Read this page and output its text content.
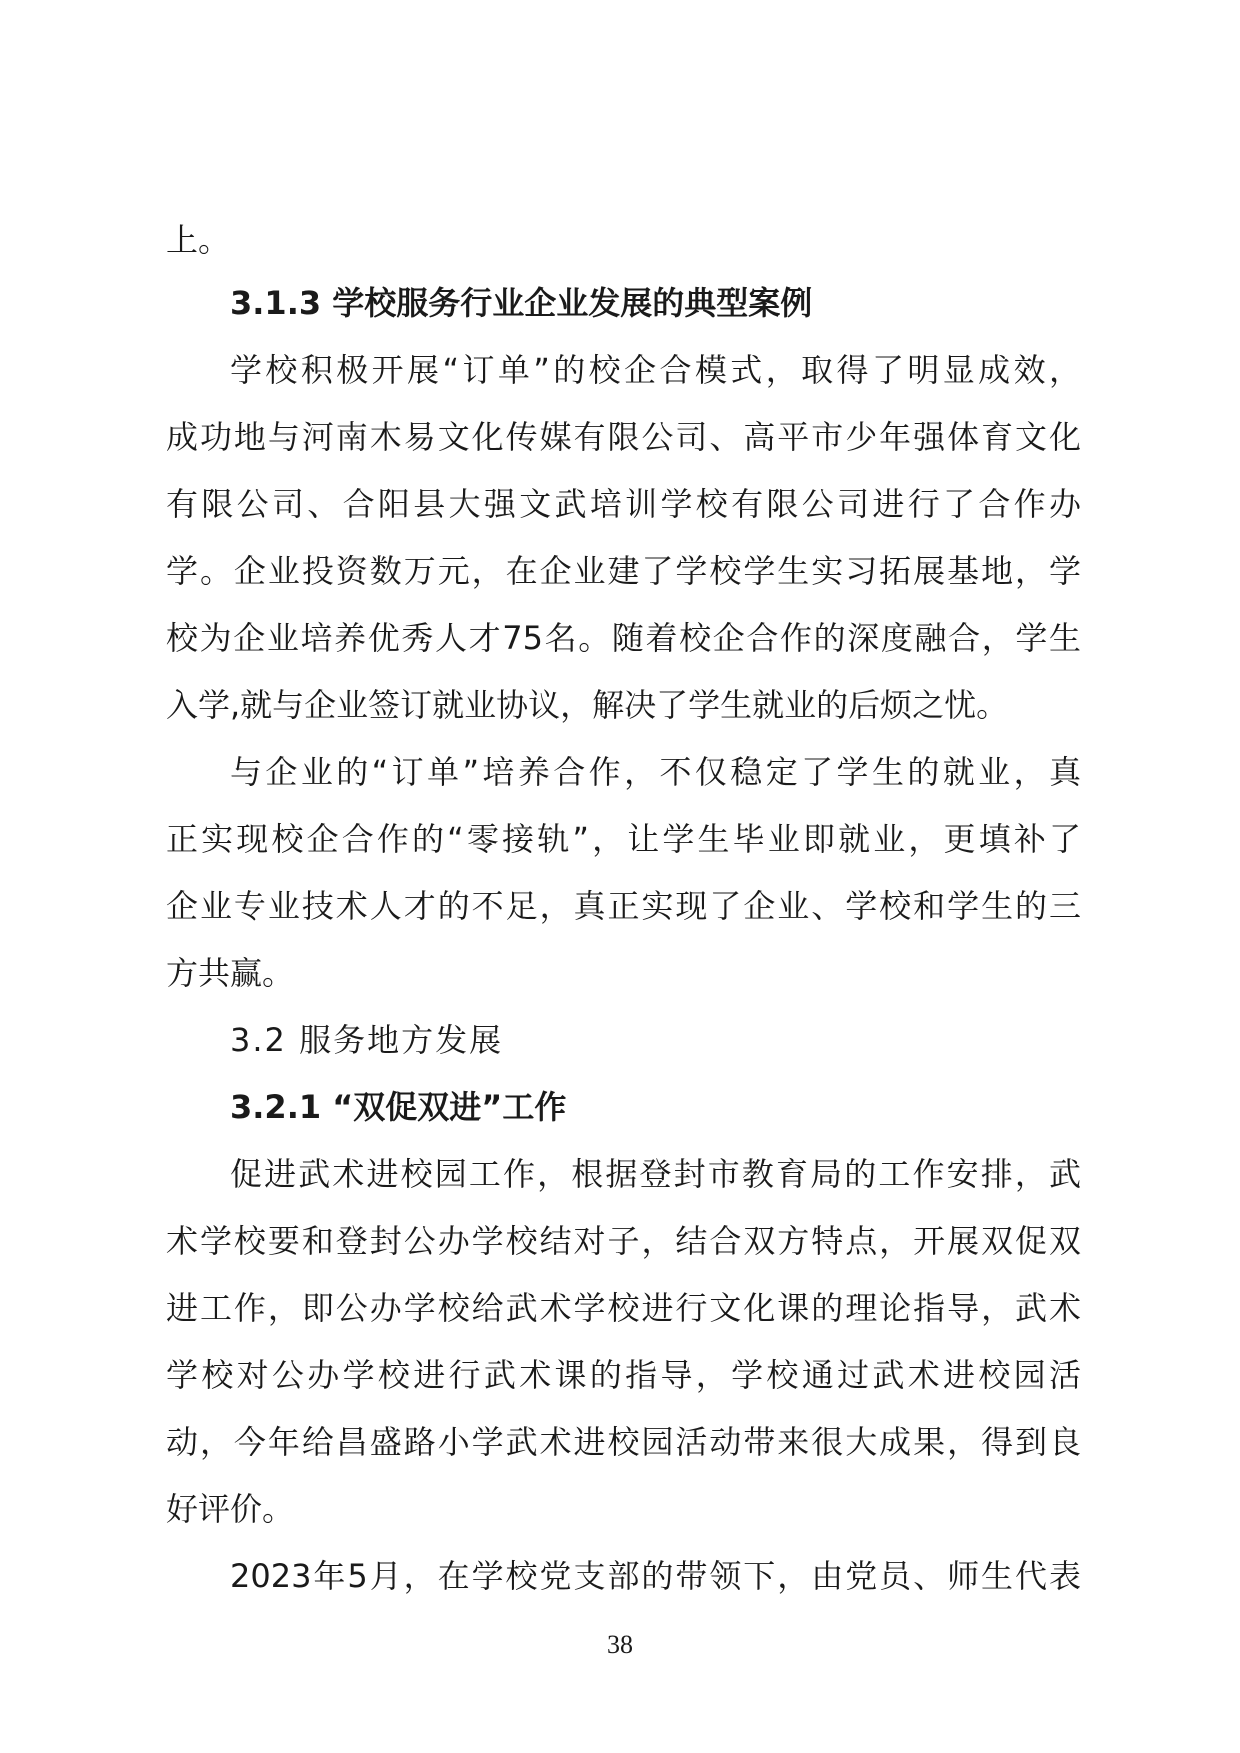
上。
3.1.3 学校服务行业企业发展的典型案例
学校积极开展“订单”的校企合模式，取得了明显成效，
成功地与河南木易文化传媒有限公司、高平市少年强体育文化
有限公司、合阳县大强文武培训学校有限公司进行了合作办
学。企业投资数万元，在企业建了学校学生实习拓展基地，学
校为企业培养优秀人才75名。随着校企合作的深度融合，学生
入学,就与企业签订就业协议，解决了学生就业的后烦之忧。
与企业的“订单”培养合作，不仅稳定了学生的就业，真
正实现校企合作的“零接轨”，让学生毕业即就业，更填补了
企业专业技术人才的不足，真正实现了企业、学校和学生的三
方共赢。
3.2 服务地方发展
3.2.1 “双促双进”工作
促进武术进校园工作，根据登封市教育局的工作安排，武
术学校要和登封公办学校结对子，结合双方特点，开展双促双
进工作，即公办学校给武术学校进行文化课的理论指导，武术
学校对公办学校进行武术课的指导，学校通过武术进校园活
动，今年给昌盛路小学武术进校园活动带来很大成果，得到良
好评价。
2023年5月，在学校党支部的带领下，由党员、师生代表
38
